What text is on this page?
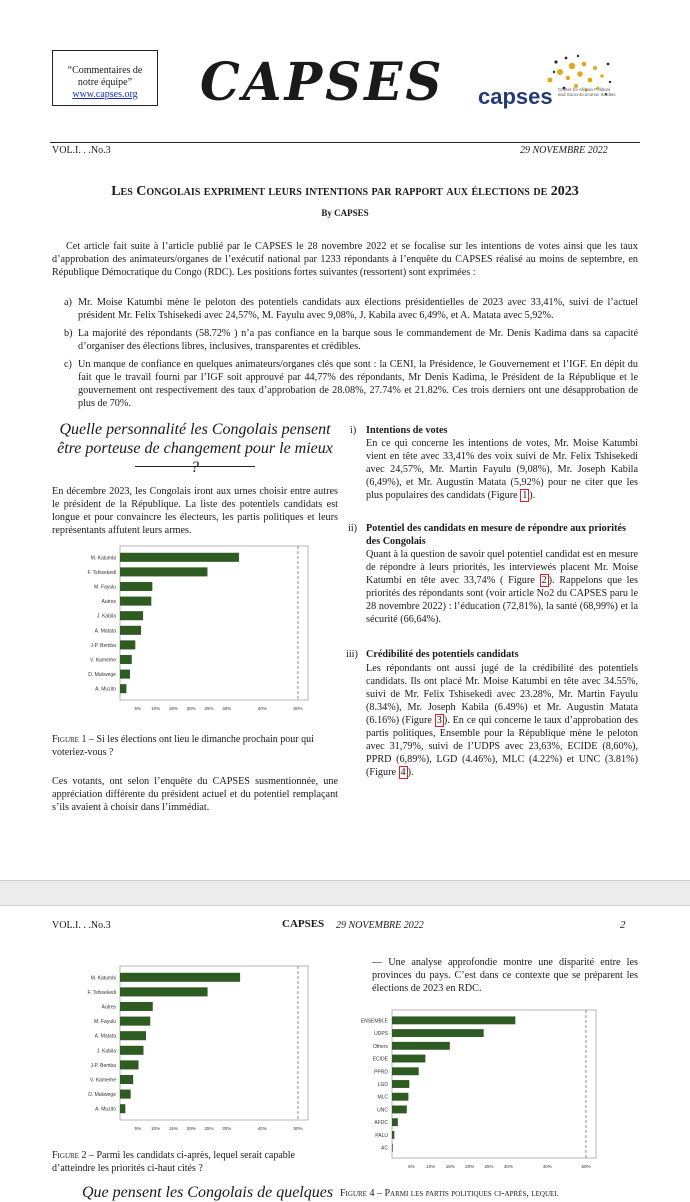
“Commentaires de
notre équipe”
www.capses.org	CAPSES capses Center for African Political and Socio-Economic Studies
VOL.I. . .No.3	29 NOVEMBRE 2022
Les Congolais expriment leurs intentions par rapport aux élections de 2023
By CAPSES
Cet article fait suite à l’article publié par le CAPSES le 28 novembre 2022 et se focalise sur les intentions de votes ainsi que les taux d’approbation des animateurs/organes de l’exécutif national par 1233 répondants à l’enquête du CAPSES réalisé au moins de septembre, en République Démocratique du Congo (RDC). Les positions fortes suivantes (ressortent) sont exprimées :
a) Mr. Moise Katumbi mène le peloton des potentiels candidats aux élections présidentielles de 2023 avec 33,41%, suivi de l’actuel président Mr. Felix Tshisekedi avec 24,57%, M. Fayulu avec 9,08%, J. Kabila avec 6,49%, et A. Matata avec 5,92%.
b) La majorité des répondants (58.72% ) n’a pas confiance en la barque sous le commandement de Mr. Denis Kadima dans sa capacité d’organiser des élections libres, inclusives, transparentes et crédibles.
c) Un manque de confiance en quelques animateurs/organes clés que sont : la CENI, la Présidence, le Gouvernement et l’IGF. En dépit du fait que le travail fourni par l’IGF soit approuvé par 44,77% des répondants, Mr Denis Kadima, le Président de la République et le gouvernement ont respectivement des taux d’approbation de 28.08%, 27.74% et 21.82%. Ces trois derniers ont une désapprobation de plus de 70%.
Quelle personnalité les Congolais pensent être porteuse de changement pour le mieux ?
En décembre 2023, les Congolais iront aux urnes choisir entre autres le président de la République. La liste des potentiels candidats est longue et pour convaincre les électeurs, les partis politiques et leurs représentants affutent leurs armes.
M. Katumbi
F. Tshisekedi
M. Fayulu
Autres
J. Kabila
A. Matata
J-P. Bemba
V. Kamerhe
D. Mukwege
A. Muzito
5% 10% 15% 20% 25% 30%	40%	50%
Figure 1 – Si les élections ont lieu le dimanche prochain pour qui voteriez-vous ?
Ces votants, ont selon l’enquête du CAPSES susmentionnée, une appréciation différente du président actuel et du potentiel remplaçant s’ils avaient à choisir dans l’immédiat.
i) Intentions de votes
En ce qui concerne les intentions de votes, Mr. Moise Katumbi vient en tête avec 33,41% des voix suivi de Mr. Felix Tshisekedi avec 24,57%, Mr. Martin Fayulu (9,08%), Mr. Joseph Kabila (6,49%), et Mr. Augustin Matata (5,92%) pour ne citer que les plus populaires des candidats (Figure 1 ).
ii) Potentiel des candidats en mesure de répondre aux priorités des Congolais
Quant à la question de savoir quel potentiel candidat est en mesure de répondre à leurs priorités, les interviewés placent Mr. Moise Katumbi en tête avec 33,74% ( Figure 2 ). Rappelons que les priorités des répondants sont (voir article No2 du CAPSES paru le 28 novembre 2022) : l’éducation (72,81%), la santé (68,99%) et la sécurité (66,64%).
iii) Crédibilité des potentiels candidats
Les répondants ont aussi jugé de la crédibilité des potentiels candidats. Ils ont placé Mr. Moise Katumbi en tête avec 34.55%, suivi de Mr. Felix Tshisekedi avec 23.28%, Mr. Martin Fayulu (8.34%), Mr. Joseph Kabila (6.49%) et Mr. Augustin Matata (6.16%) (Figure 3 ). En ce qui concerne le taux d’approbation des partis politiques, Ensemble pour la République mène le peloton avec 31,79%, suivi de l’UDPS avec 23,63%, ECIDE (8,60%), PPRD (6,89%), LGD (4.46%), MLC (4.22%) et UNC (3.81%) (Figure 4 ).
VOL.I. . .No.3	CAPSES 29 NOVEMBRE 2022	2
M. Katumbi
F. Tshisekedi
Autres
M. Fayulu
A. Matata
J. Kabila
J-P. Bemba
V. Kamerhe
D. Mukwege
A. Muzito
5% 10% 15% 20% 25% 30%	40%	50%
Figure 2 – Parmi les candidats ci-après, lequel serait capable d’atteindre les priorités ci-haut cités ?
— Une analyse approfondie montre une disparité entre les provinces du pays. C’est dans ce contexte que se préparent les élections de 2023 en RDC.
ENSEMBLE
UDPS
Others
ECIDE
PPRD
LGD
MLC
UNC
AFDC
PALU
AC
5%	10% 15% 20% 25% 30%	40%	50%
Que pensent les Congolais de quelques Figure 4 – Parmi les partis politiques ci-après, lequel
